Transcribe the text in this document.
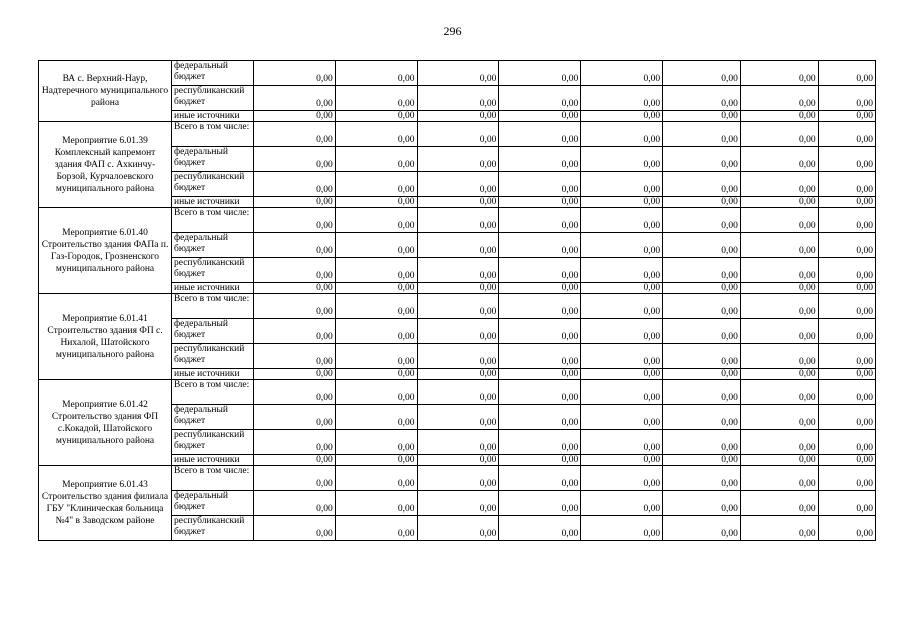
296
ВА с. Верхний-Наур, Надтеречного муниципального района	федеральный бюджет	0,00	0,00	0,00	0,00	0,00	0,00	0,00	0,00
	республиканский бюджет	0,00	0,00	0,00	0,00	0,00	0,00	0,00	0,00
	иные источники	0,00	0,00	0,00	0,00	0,00	0,00	0,00	0,00
Мероприятие 6.01.39 Комплексный капремонт здания ФАП с. Ахкинчу-Борзой, Курчалоевского муниципального района	Всего в том числе:	0,00	0,00	0,00	0,00	0,00	0,00	0,00	0,00
	федеральный бюджет	0,00	0,00	0,00	0,00	0,00	0,00	0,00	0,00
	республиканский бюджет	0,00	0,00	0,00	0,00	0,00	0,00	0,00	0,00
	иные источники	0,00	0,00	0,00	0,00	0,00	0,00	0,00	0,00
Мероприятие 6.01.40 Строительство здания ФАПа п. Газ-Городок, Грозненского муниципального района	Всего в том числе:	0,00	0,00	0,00	0,00	0,00	0,00	0,00	0,00
	федеральный бюджет	0,00	0,00	0,00	0,00	0,00	0,00	0,00	0,00
	республиканский бюджет	0,00	0,00	0,00	0,00	0,00	0,00	0,00	0,00
	иные источники	0,00	0,00	0,00	0,00	0,00	0,00	0,00	0,00
Мероприятие 6.01.41 Строительство здания ФП с. Нихалой, Шатойского муниципального района	Всего в том числе:	0,00	0,00	0,00	0,00	0,00	0,00	0,00	0,00
	федеральный бюджет	0,00	0,00	0,00	0,00	0,00	0,00	0,00	0,00
	республиканский бюджет	0,00	0,00	0,00	0,00	0,00	0,00	0,00	0,00
	иные источники	0,00	0,00	0,00	0,00	0,00	0,00	0,00	0,00
Мероприятие 6.01.42 Строительство здания ФП с.Кокадой, Шатойского муниципального района	Всего в том числе:	0,00	0,00	0,00	0,00	0,00	0,00	0,00	0,00
	федеральный бюджет	0,00	0,00	0,00	0,00	0,00	0,00	0,00	0,00
	республиканский бюджет	0,00	0,00	0,00	0,00	0,00	0,00	0,00	0,00
	иные источники	0,00	0,00	0,00	0,00	0,00	0,00	0,00	0,00
Мероприятие 6.01.43 Строительство здания филиала ГБУ "Клиническая больница №4" в Заводском районе	Всего в том числе:	0,00	0,00	0,00	0,00	0,00	0,00	0,00	0,00
	федеральный бюджет	0,00	0,00	0,00	0,00	0,00	0,00	0,00	0,00
	республиканский бюджет	0,00	0,00	0,00	0,00	0,00	0,00	0,00	0,00
